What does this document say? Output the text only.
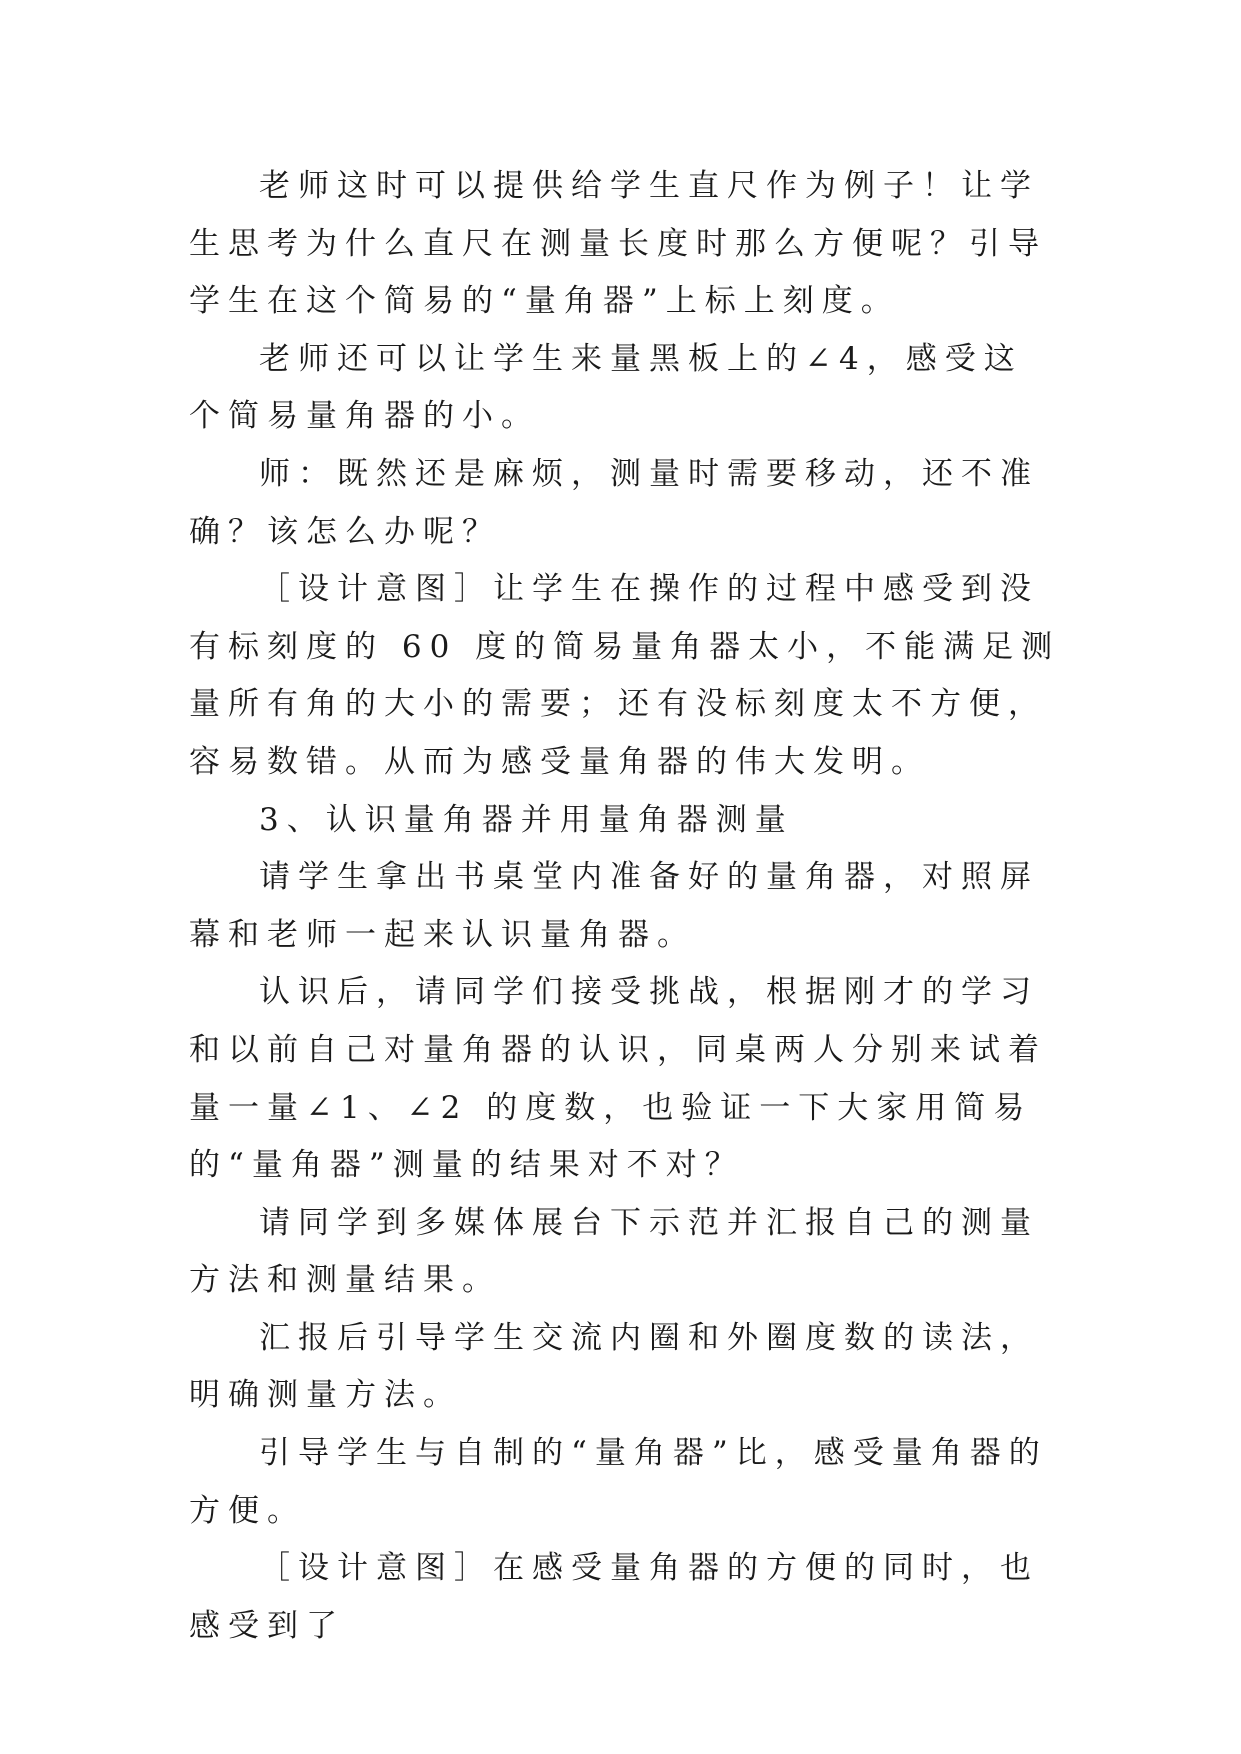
老师这时可以提供给学生直尺作为例子！让学生思考为什么直尺在测量长度时那么方便呢？引导学生在这个简易的“量角器”上标上刻度。

老师还可以让学生来量黑板上的∠4，感受这个简易量角器的小。

师：既然还是麻烦，测量时需要移动，还不准确？该怎么办呢？

［设计意图］让学生在操作的过程中感受到没有标刻度的 60 度的简易量角器太小，不能满足测量所有角的大小的需要；还有没标刻度太不方便，容易数错。从而为感受量角器的伟大发明。

3、认识量角器并用量角器测量

请学生拿出书桌堂内准备好的量角器，对照屏幕和老师一起来认识量角器。

认识后，请同学们接受挑战，根据刚才的学习和以前自己对量角器的认识，同桌两人分别来试着量一量∠1、∠2 的度数，也验证一下大家用简易的“量角器”测量的结果对不对？

请同学到多媒体展台下示范并汇报自己的测量方法和测量结果。

汇报后引导学生交流内圈和外圈度数的读法，明确测量方法。

引导学生与自制的“量角器”比，感受量角器的方便。

［设计意图］在感受量角器的方便的同时，也感受到了
